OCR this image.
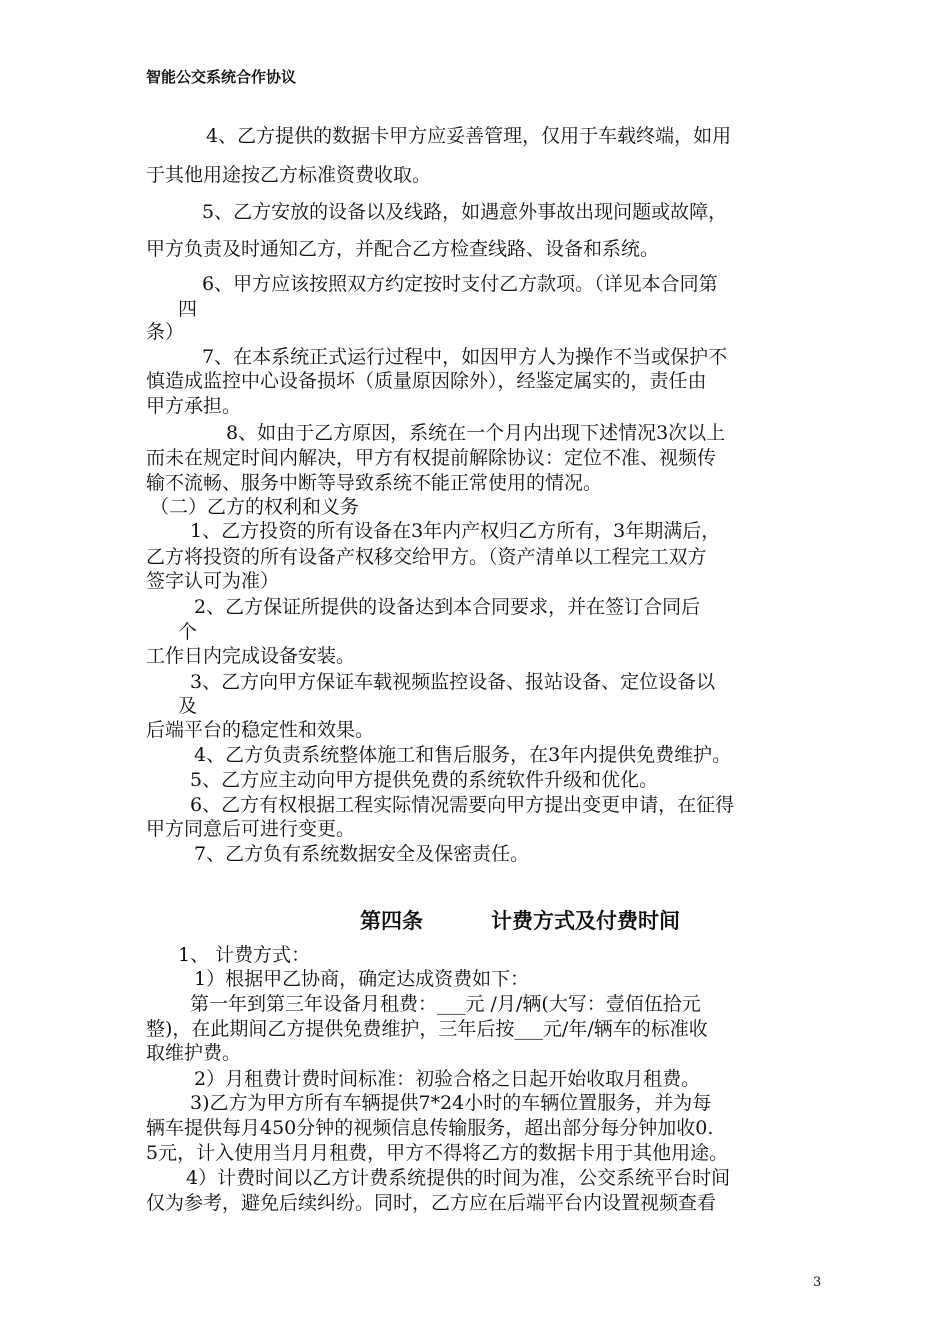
智能公交系统合作协议
4、乙方提供的数据卡甲方应妥善管理，仅用于车载终端，如用
于其他用途按乙方标准资费收取。
5、乙方安放的设备以及线路，如遇意外事故出现问题或故障，
甲方负责及时通知乙方，并配合乙方检查线路、设备和系统。
6、甲方应该按照双方约定按时支付乙方款项。（详见本合同第
四
条）
7、在本系统正式运行过程中，如因甲方人为操作不当或保护不
慎造成监控中心设备损坏（质量原因除外），经鉴定属实的，责任由
甲方承担。
8、如由于乙方原因，系统在一个月内出现下述情况3次以上
而未在规定时间内解决，甲方有权提前解除协议：定位不准、视频传
输不流畅、服务中断等导致系统不能正常使用的情况。
（二）乙方的权利和义务
1、乙方投资的所有设备在3年内产权归乙方所有，3年期满后，
乙方将投资的所有设备产权移交给甲方。（资产清单以工程完工双方
签字认可为准）
2、乙方保证所提供的设备达到本合同要求，并在签订合同后
个
工作日内完成设备安装。
3、乙方向甲方保证车载视频监控设备、报站设备、定位设备以
及
后端平台的稳定性和效果。
4、乙方负责系统整体施工和售后服务，在3年内提供免费维护。
5、乙方应主动向甲方提供免费的系统软件升级和优化。
6、乙方有权根据工程实际情况需要向甲方提出变更申请，在征得
甲方同意后可进行变更。
7、乙方负有系统数据安全及保密责任。
第四条	计费方式及付费时间
1、 计费方式：
1）根据甲乙协商，确定达成资费如下：
第一年到第三年设备月租费：___元 /月/辆(大写：壹佰伍拾元
整)，在此期间乙方提供免费维护，三年后按___元/年/辆车的标准收
取维护费。
2）月租费计费时间标准：初验合格之日起开始收取月租费。
3)乙方为甲方所有车辆提供7*24小时的车辆位置服务，并为每
辆车提供每月450分钟的视频信息传输服务，超出部分每分钟加收0.
5元，计入使用当月月租费，甲方不得将乙方的数据卡用于其他用途。
4）计费时间以乙方计费系统提供的时间为准，公交系统平台时间
仅为参考，避免后续纠纷。同时，乙方应在后端平台内设置视频查看
3
